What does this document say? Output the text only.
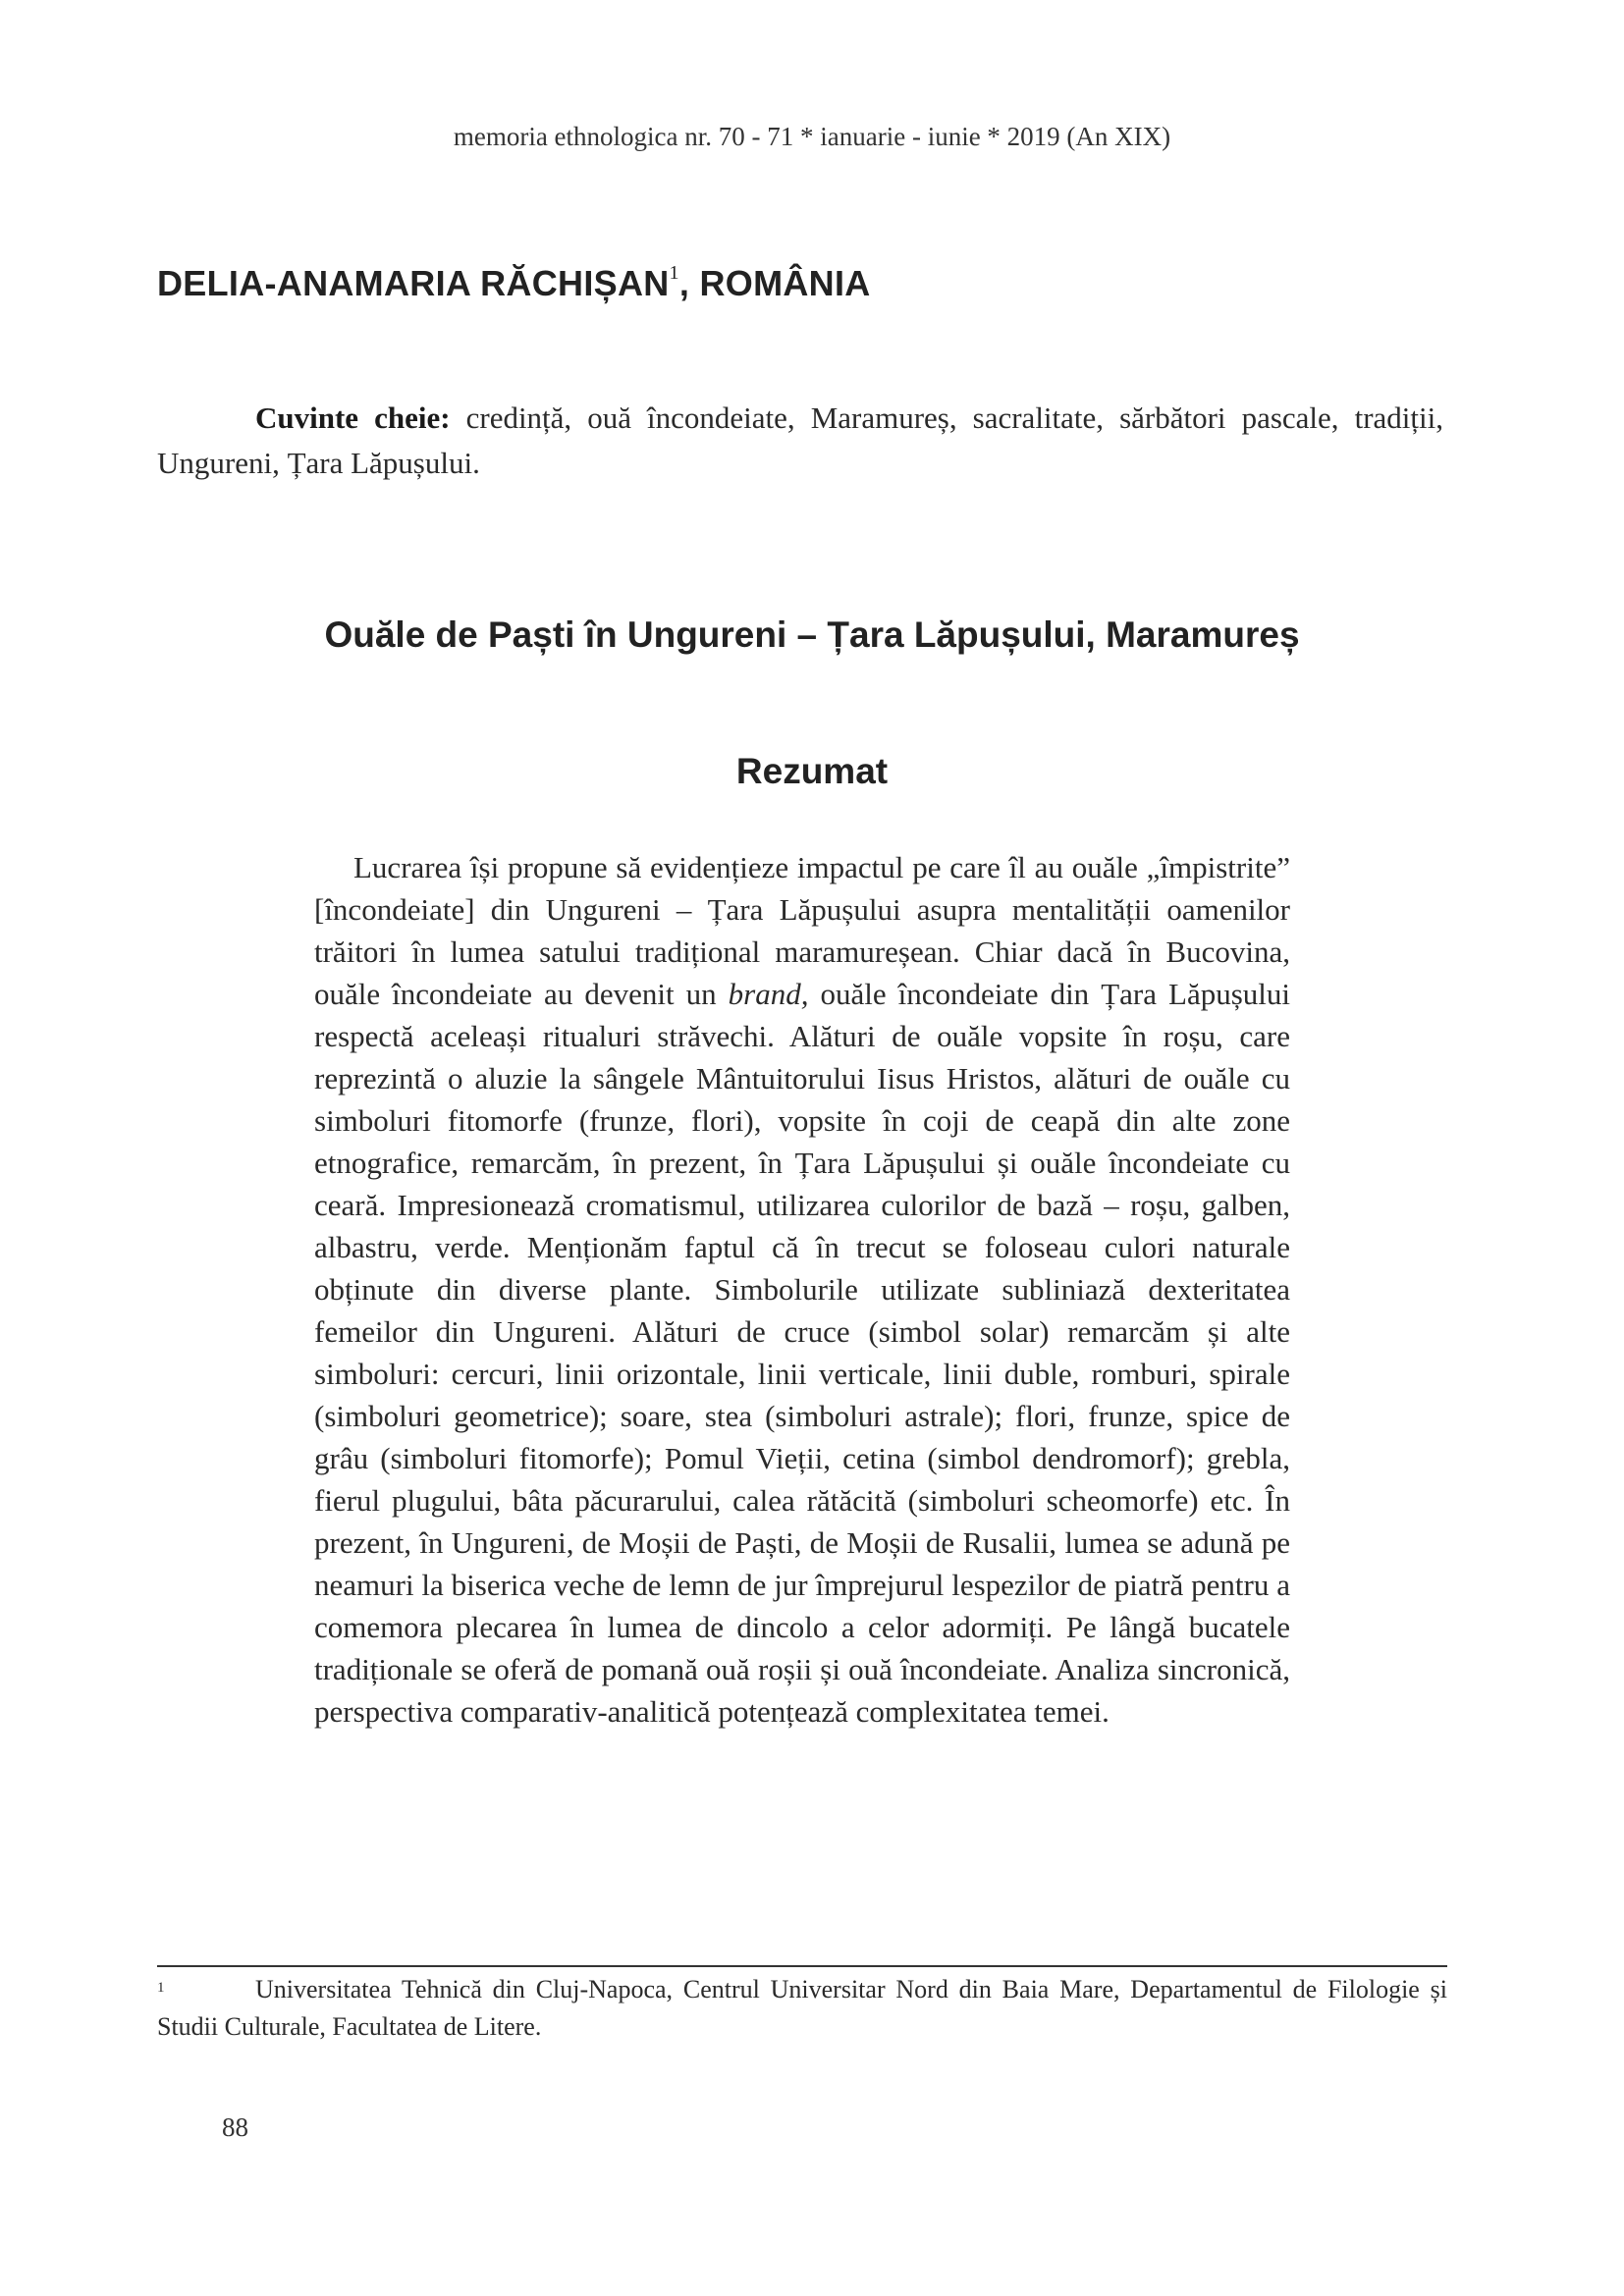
memoria ethnologica nr. 70 - 71 * ianuarie - iunie * 2019 (An XIX)
DELIA-ANAMARIA RĂCHIȘAN$^1$, ROMÂNIA
Cuvinte cheie: credință, ouă încondeiate, Maramureș, sacralitate, sărbători pascale, tradiții, Ungureni, Țara Lăpușului.
Ouăle de Paști în Ungureni – Țara Lăpușului, Maramureș
Rezumat
Lucrarea își propune să evidențieze impactul pe care îl au ouăle „împistrite” [încondeiate] din Ungureni – Țara Lăpușului asupra mentalității oamenilor trăitori în lumea satului tradițional maramureșean. Chiar dacă în Bucovina, ouăle încondeiate au devenit un brand, ouăle încondeiate din Țara Lăpușului respectă aceleași ritualuri străvechi. Alături de ouăle vopsite în roșu, care reprezintă o aluzie la sângele Mântuitorului Iisus Hristos, alături de ouăle cu simboluri fitomorfe (frunze, flori), vopsite în coji de ceapă din alte zone etnografice, remarcăm, în prezent, în Țara Lăpușului și ouăle încondeiate cu ceară. Impresionează cromatismul, utilizarea culorilor de bază – roșu, galben, albastru, verde. Menționăm faptul că în trecut se foloseau culori naturale obținute din diverse plante. Simbolurile utilizate subliniază dexteritatea femeilor din Ungureni. Alături de cruce (simbol solar) remarcăm și alte simboluri: cercuri, linii orizontale, linii verticale, linii duble, romburi, spirale (simboluri geometrice); soare, stea (simboluri astrale); flori, frunze, spice de grâu (simboluri fitomorfe); Pomul Vieții, cetina (simbol dendromorf); grebla, fierul plugului, bâta păcurarului, calea rătăcită (simboluri scheomorfe) etc. În prezent, în Ungureni, de Moșii de Paști, de Moșii de Rusalii, lumea se adună pe neamuri la biserica veche de lemn de jur împrejurul lespezilor de piatră pentru a comemora plecarea în lumea de dincolo a celor adormiți. Pe lângă bucatele tradiționale se oferă de pomană ouă roșii și ouă încondeiate. Analiza sincronică, perspectiva comparativ-analitică potențează complexitatea temei.
1	Universitatea Tehnică din Cluj-Napoca, Centrul Universitar Nord din Baia Mare, Departamentul de Filologie și Studii Culturale, Facultatea de Litere.
88
